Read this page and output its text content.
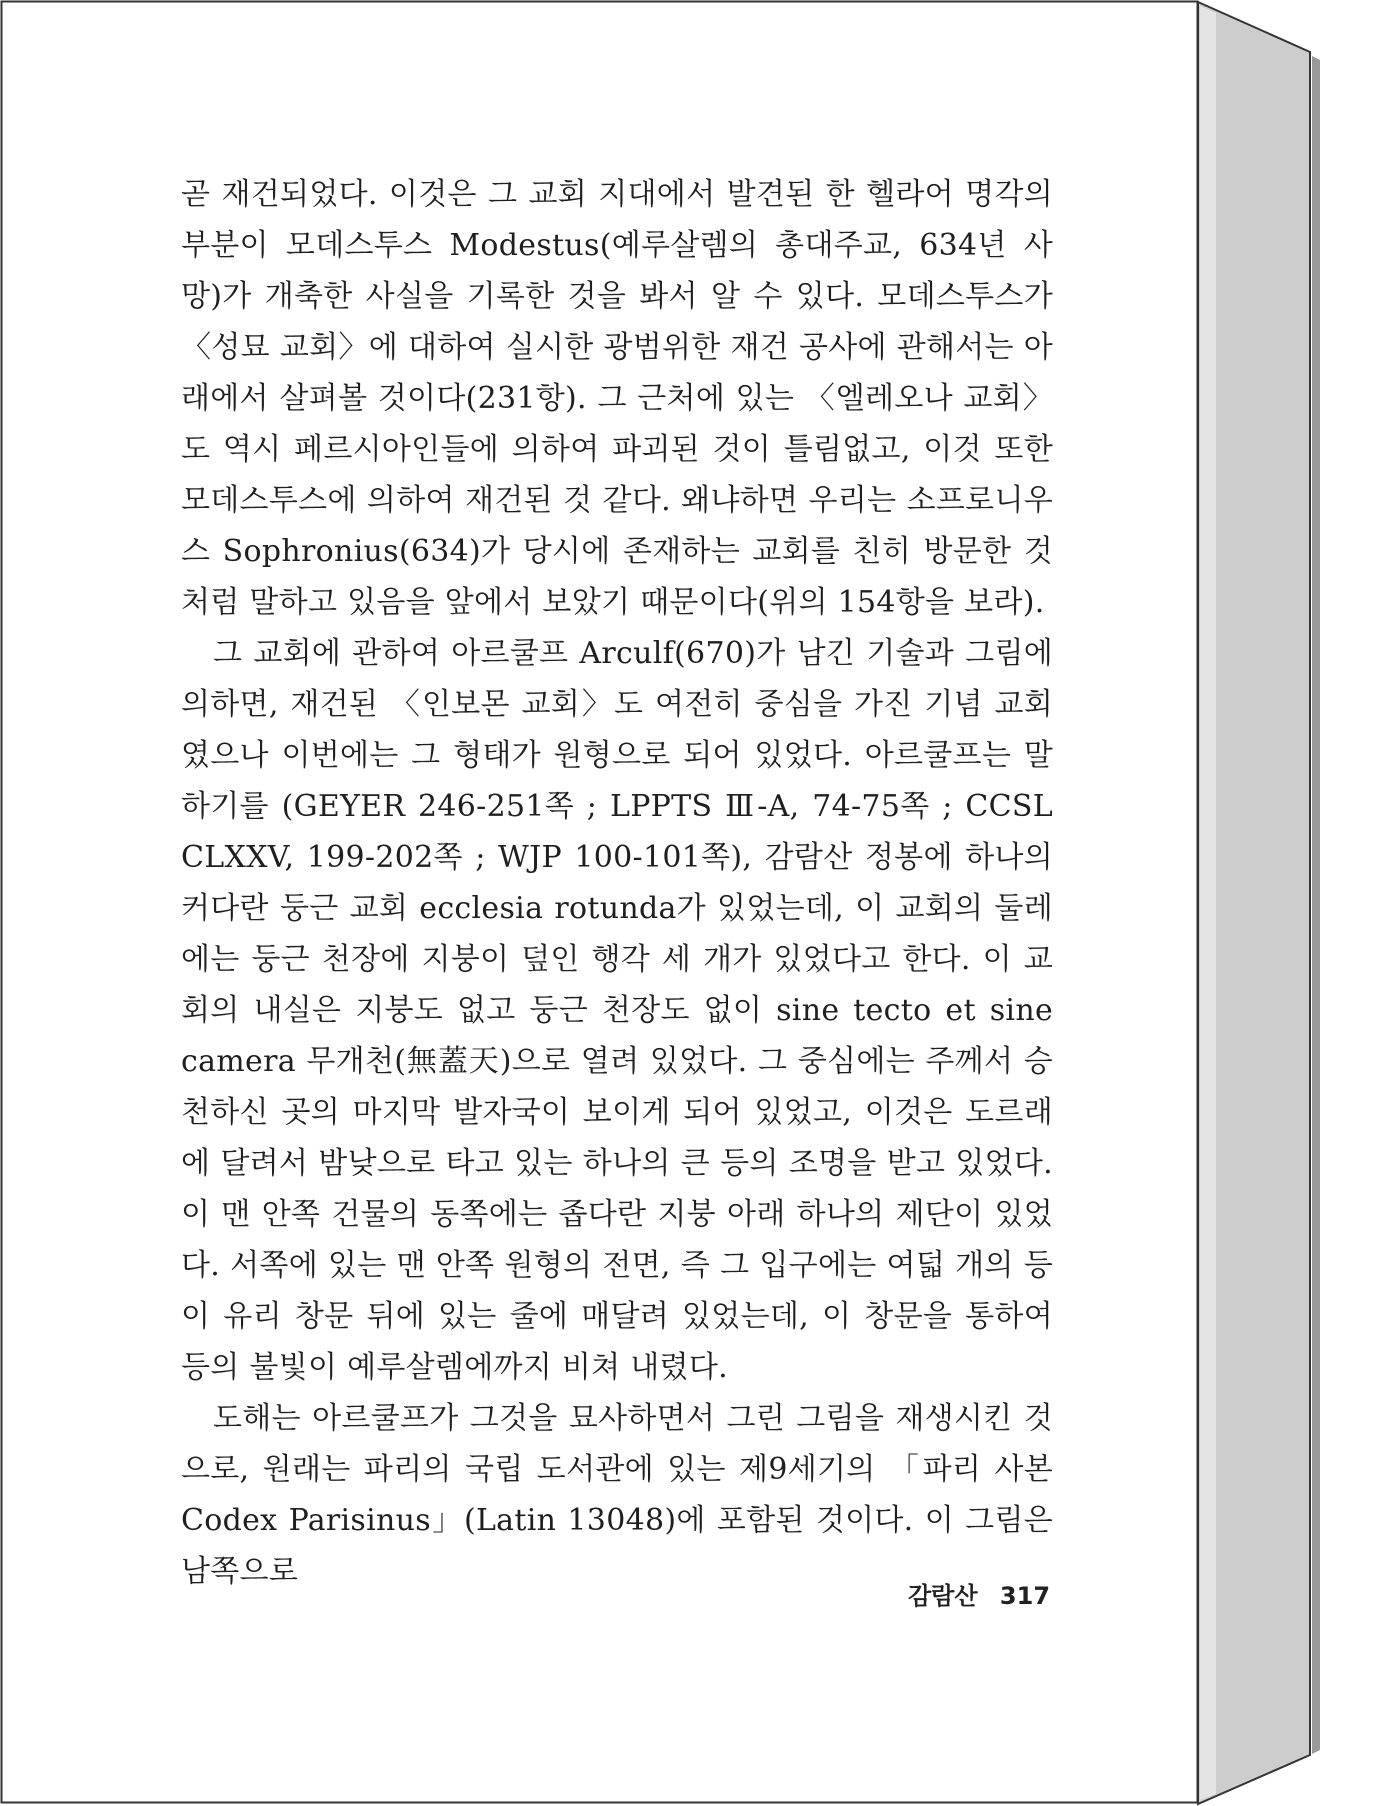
곧 재건되었다. 이것은 그 교회 지대에서 발견된 한 헬라어 명각의 부분이 모데스투스 Modestus(예루살렘의 총대주교, 634년 사망)가 개축한 사실을 기록한 것을 봐서 알 수 있다. 모데스투스가 〈성묘 교회〉에 대하여 실시한 광범위한 재건 공사에 관해서는 아래에서 살펴볼 것이다(231항). 그 근처에 있는 〈엘레오나 교회〉도 역시 페르시아인들에 의하여 파괴된 것이 틀림없고, 이것 또한 모데스투스에 의하여 재건된 것 같다. 왜냐하면 우리는 소프로니우스 Sophronius(634)가 당시에 존재하는 교회를 친히 방문한 것처럼 말하고 있음을 앞에서 보았기 때문이다(위의 154항을 보라).

그 교회에 관하여 아르쿨프 Arculf(670)가 남긴 기술과 그림에 의하면, 재건된 〈인보몬 교회〉도 여전히 중심을 가진 기념 교회였으나 이번에는 그 형태가 원형으로 되어 있었다. 아르쿨프는 말하기를 (GEYER 246-251쪽 ; LPPTS Ⅲ-A, 74-75쪽 ; CCSL CLXXV, 199-202쪽 ; WJP 100-101쪽), 감람산 정봉에 하나의 커다란 둥근 교회 ecclesia rotunda가 있었는데, 이 교회의 둘레에는 둥근 천장에 지붕이 덮인 행각 세 개가 있었다고 한다. 이 교회의 내실은 지붕도 없고 둥근 천장도 없이 sine tecto et sine camera 무개천(無蓋天)으로 열려 있었다. 그 중심에는 주께서 승천하신 곳의 마지막 발자국이 보이게 되어 있었고, 이것은 도르래에 달려서 밤낮으로 타고 있는 하나의 큰 등의 조명을 받고 있었다. 이 맨 안쪽 건물의 동쪽에는 좁다란 지붕 아래 하나의 제단이 있었다. 서쪽에 있는 맨 안쪽 원형의 전면, 즉 그 입구에는 여덟 개의 등이 유리 창문 뒤에 있는 줄에 매달려 있었는데, 이 창문을 통하여 등의 불빛이 예루살렘에까지 비쳐 내렸다.

도해는 아르쿨프가 그것을 묘사하면서 그린 그림을 재생시킨 것으로, 원래는 파리의 국립 도서관에 있는 제9세기의 「파리 사본 Codex Parisinus」(Latin 13048)에 포함된 것이다. 이 그림은 남쪽으로

감람산 317
